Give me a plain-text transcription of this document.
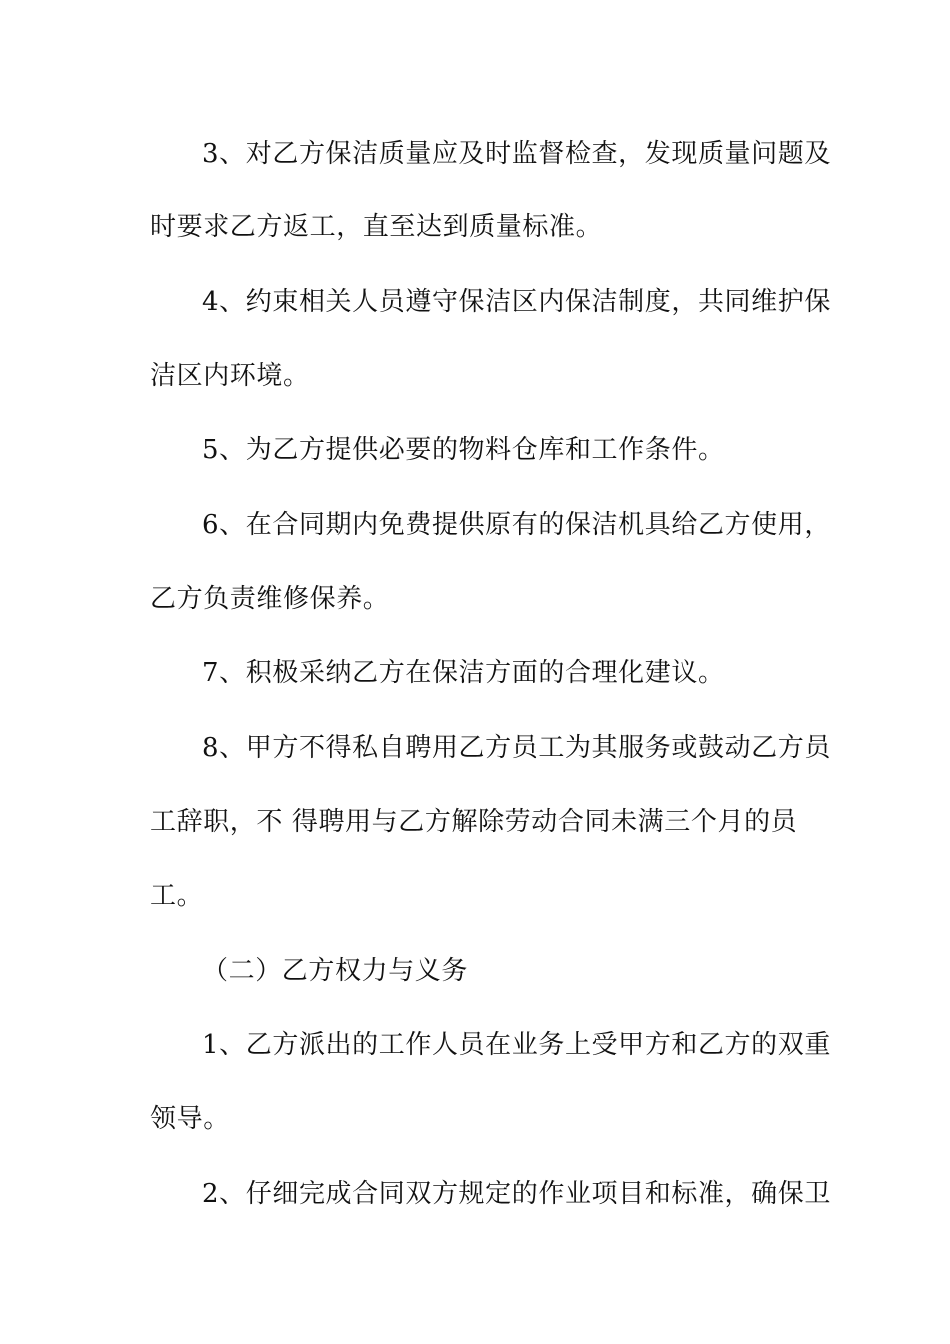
3、对乙方保洁质量应及时监督检查，发现质量问题及
时要求乙方返工，直至达到质量标准。
4、约束相关人员遵守保洁区内保洁制度，共同维护保
洁区内环境。
5、为乙方提供必要的物料仓库和工作条件。
6、在合同期内免费提供原有的保洁机具给乙方使用，
乙方负责维修保养。
7、积极采纳乙方在保洁方面的合理化建议。
8、甲方不得私自聘用乙方员工为其服务或鼓动乙方员
工辞职，不 得聘用与乙方解除劳动合同未满三个月的员
工。
（二）乙方权力与义务
1、乙方派出的工作人员在业务上受甲方和乙方的双重
领导。
2、仔细完成合同双方规定的作业项目和标准，确保卫
